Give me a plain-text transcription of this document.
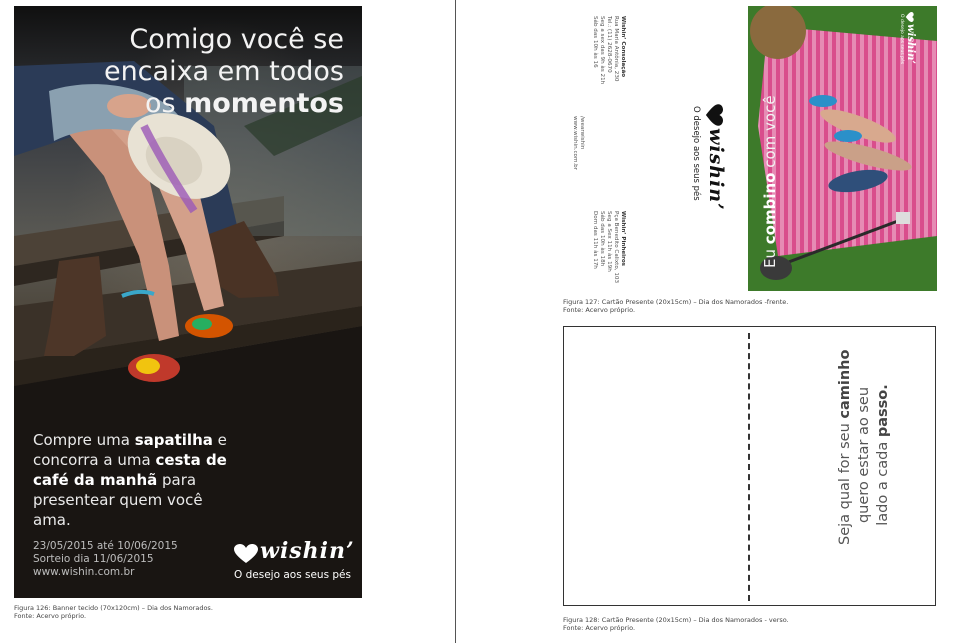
Comigo você se
encaixa em todos
os momentos
Compre uma sapatilha e concorra a uma cesta de café da manhã para presentear quem você ama.
23/05/2015 até 10/06/2015
Sorteio dia 11/06/2015
www.wishin.com.br
wishin’
O desejo aos seus pés
Figura 126: Banner tecido (70x120cm) – Dia dos Namorados.
Fonte: Acervo próprio.
Wishin’ Consolação
Rua Maria Antônia, 230
Tel.: (11) 2628-0670
Seg a sex das 9h às 21h
Sáb das 10h às 16
/wearwishin
www.wishin.com.br
Wishin’ Pinheiros
Pça Benedito Calixto, 103
Seg a Sex 11h às 19h
Sáb das 10h às 18h
Dom das 11h às 17h
wishin’
O desejo aos seus pés
Eu combino com você
wishin’
O desejo aos seus pés
Figura 127: Cartão Presente (20x15cm) – Dia dos Namorados -frente.
Fonte: Acervo próprio.
Seja qual for seu caminho
quero estar ao seu lado a cada passo.
Figura 128: Cartão Presente (20x15cm) – Dia dos Namorados - verso.
Fonte: Acervo próprio.
